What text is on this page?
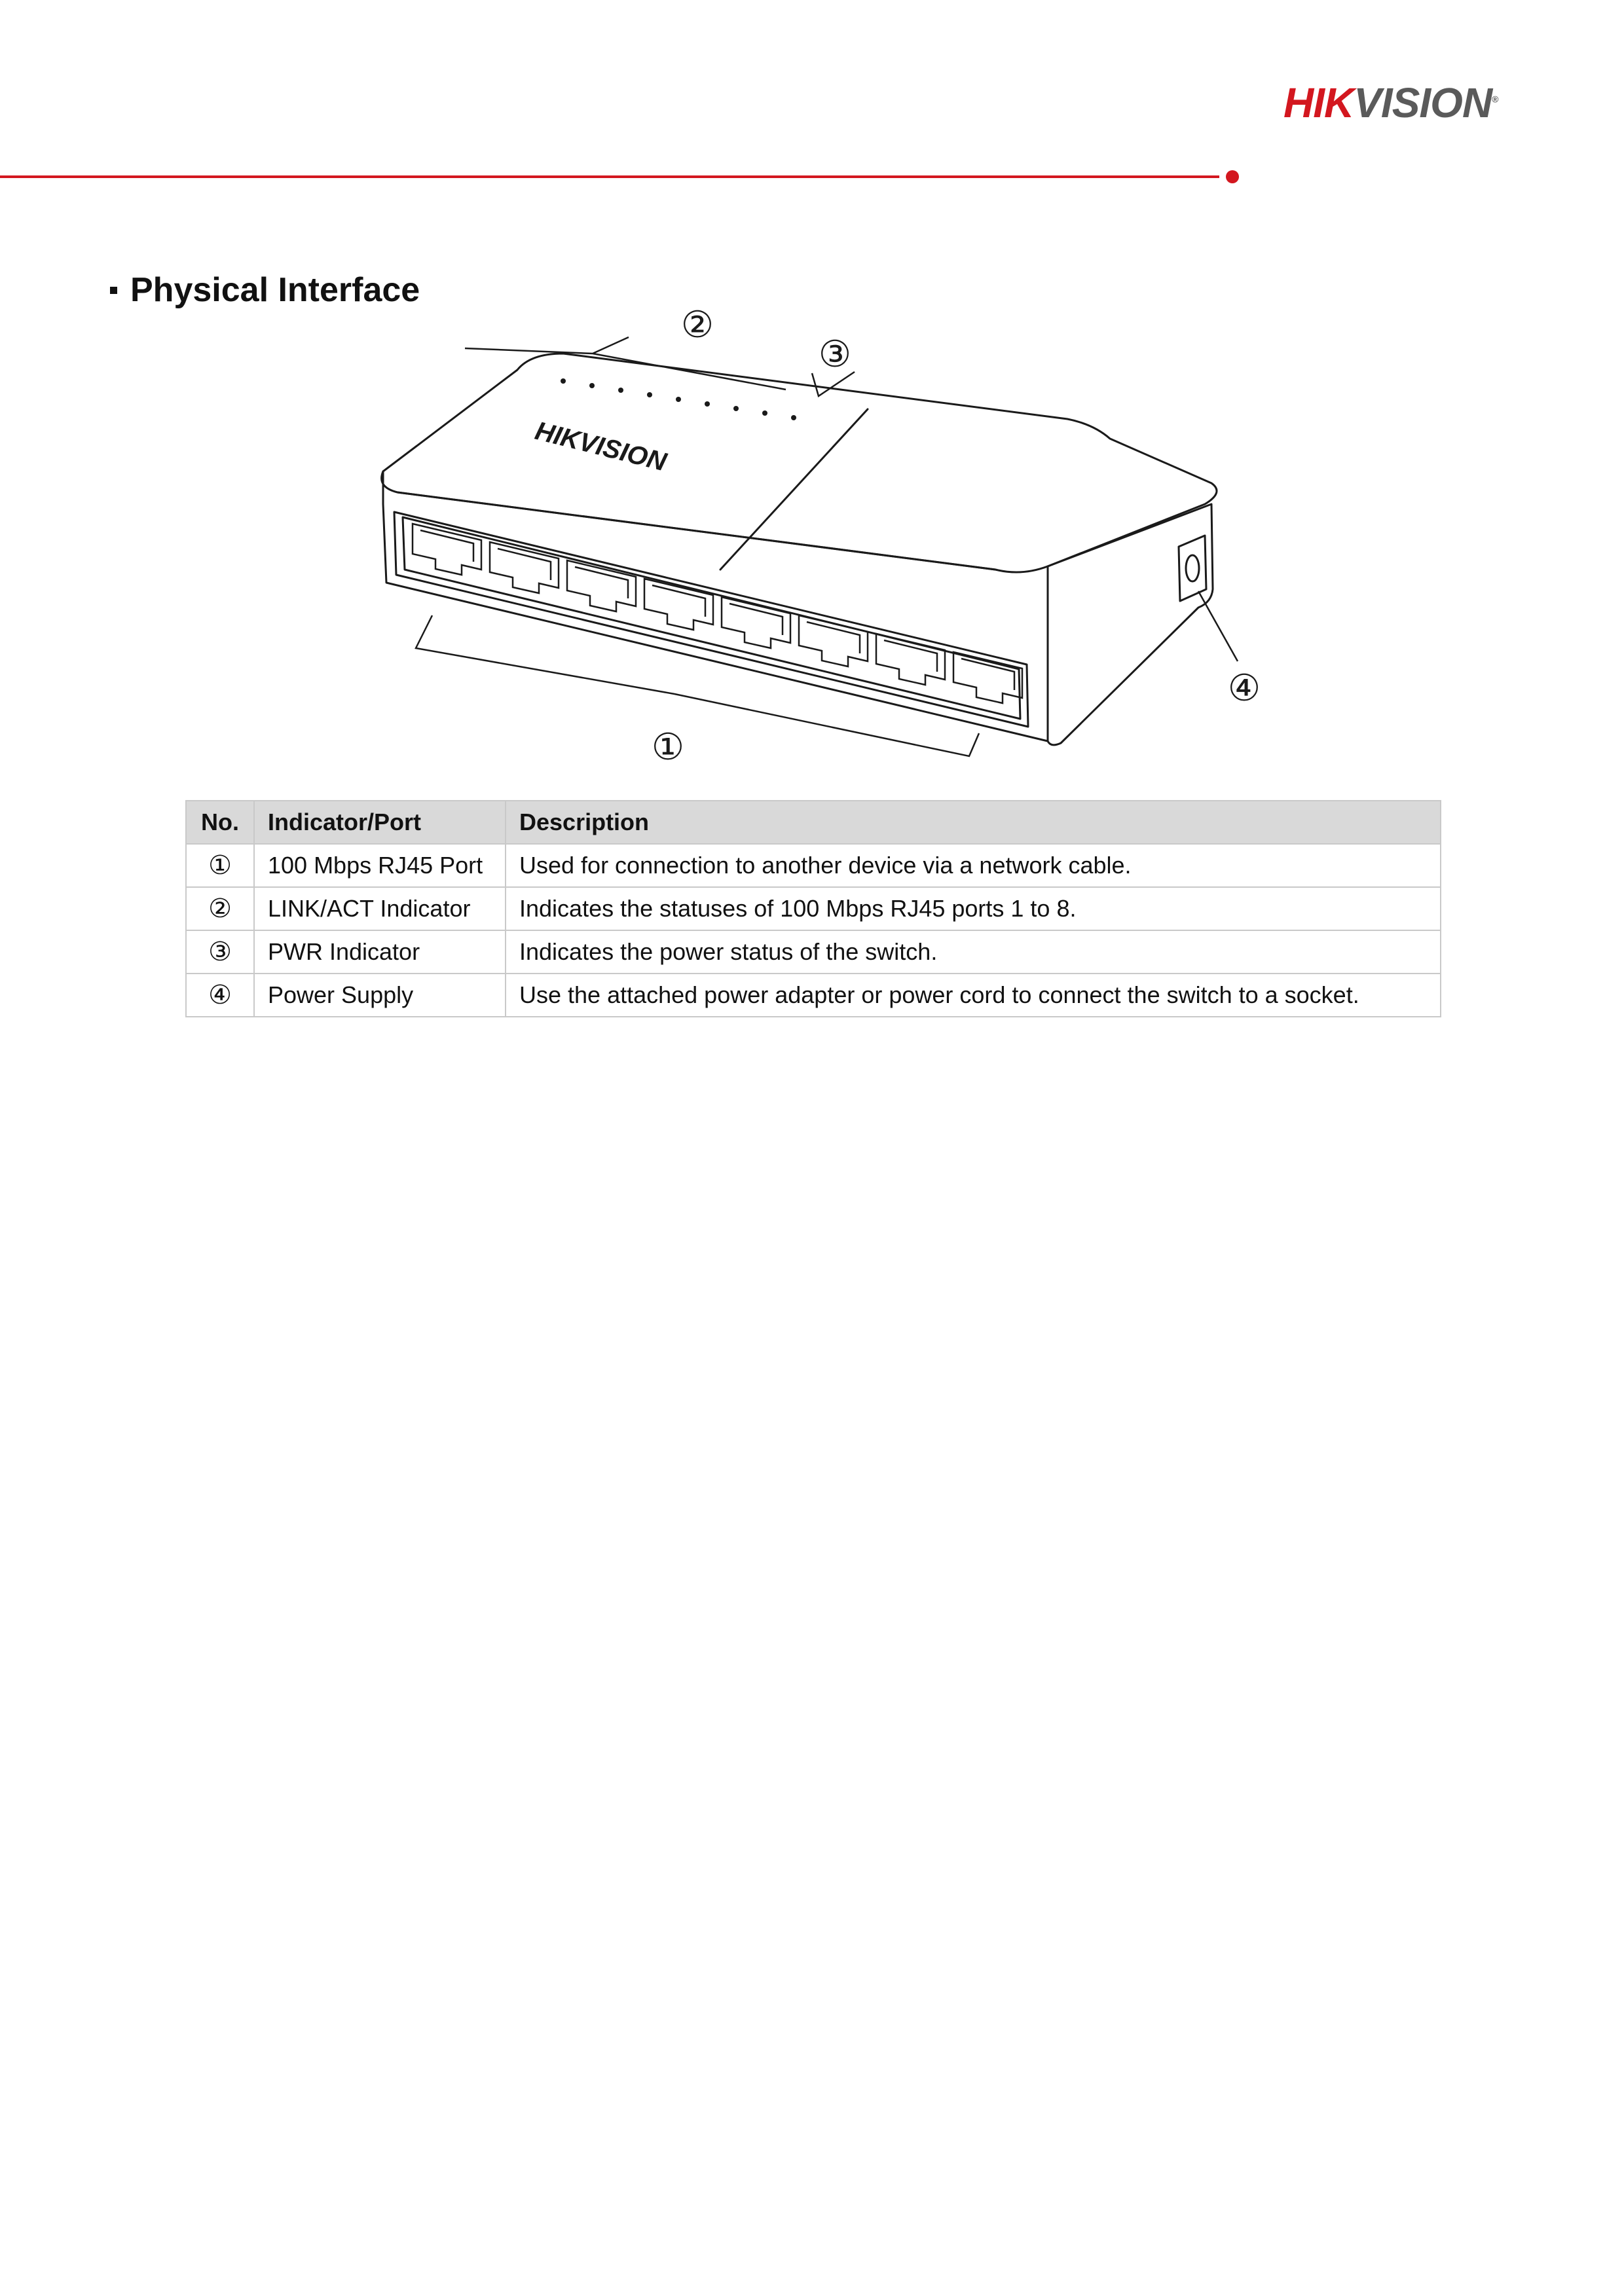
HIKVISION®
Physical Interface
HIKVISION
②
③
④
①
No.	Indicator/Port	Description
①	100 Mbps RJ45 Port	Used for connection to another device via a network cable.
②	LINK/ACT Indicator	Indicates the statuses of 100 Mbps RJ45 ports 1 to 8.
③	PWR Indicator	Indicates the power status of the switch.
④	Power Supply	Use the attached power adapter or power cord to connect the switch to a socket.
